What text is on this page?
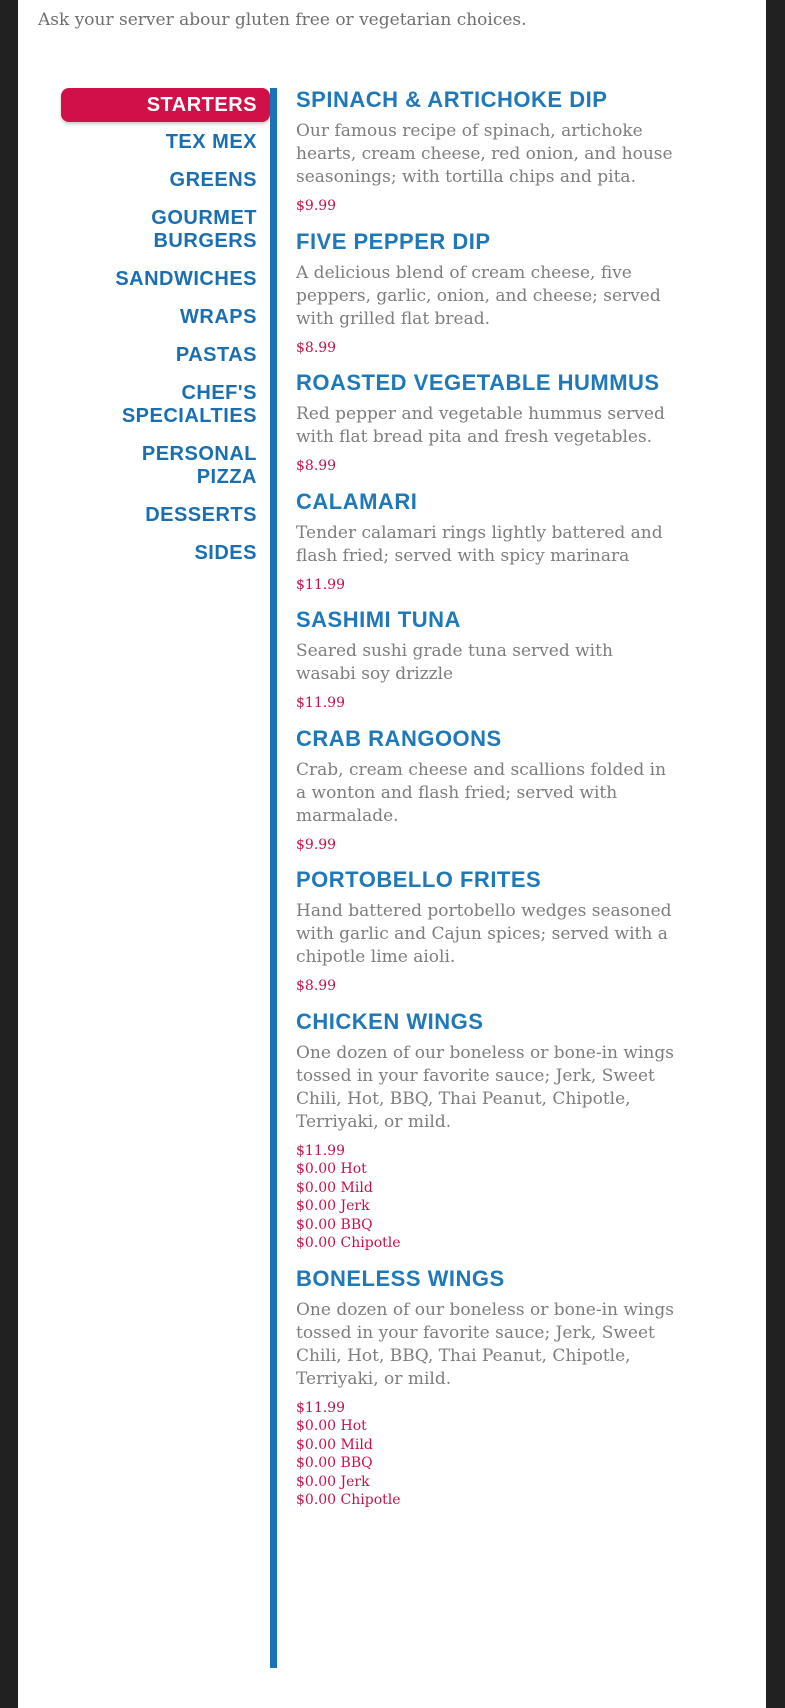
Ask your server abour gluten free or vegetarian choices.

STARTERS
TEX MEX
GREENS
GOURMET BURGERS
SANDWICHES
WRAPS
PASTAS
CHEF'S SPECIALTIES
PERSONAL PIZZA
DESSERTS
SIDES
SPINACH & ARTICHOKE DIP

Our famous recipe of spinach, artichoke hearts, cream cheese, red onion, and house seasonings; with tortilla chips and pita.

$9.99
FIVE PEPPER DIP

A delicious blend of cream cheese, five peppers, garlic, onion, and cheese; served with grilled flat bread.

$8.99
ROASTED VEGETABLE HUMMUS

Red pepper and vegetable hummus served with flat bread pita and fresh vegetables.

$8.99
CALAMARI

Tender calamari rings lightly battered and flash fried; served with spicy marinara

$11.99
SASHIMI TUNA

Seared sushi grade tuna served with wasabi soy drizzle

$11.99
CRAB RANGOONS

Crab, cream cheese and scallions folded in a wonton and flash fried; served with marmalade.

$9.99
PORTOBELLO FRITES

Hand battered portobello wedges seasoned with garlic and Cajun spices; served with a chipotle lime aioli.

$8.99
CHICKEN WINGS

One dozen of our boneless or bone-in wings tossed in your favorite sauce; Jerk, Sweet Chili, Hot, BBQ, Thai Peanut, Chipotle, Terriyaki, or mild.

$11.99
$0.00 Hot
$0.00 Mild
$0.00 Jerk
$0.00 BBQ
$0.00 Chipotle
BONELESS WINGS

One dozen of our boneless or bone-in wings tossed in your favorite sauce; Jerk, Sweet Chili, Hot, BBQ, Thai Peanut, Chipotle, Terriyaki, or mild.

$11.99
$0.00 Hot
$0.00 Mild
$0.00 BBQ
$0.00 Jerk
$0.00 Chipotle
